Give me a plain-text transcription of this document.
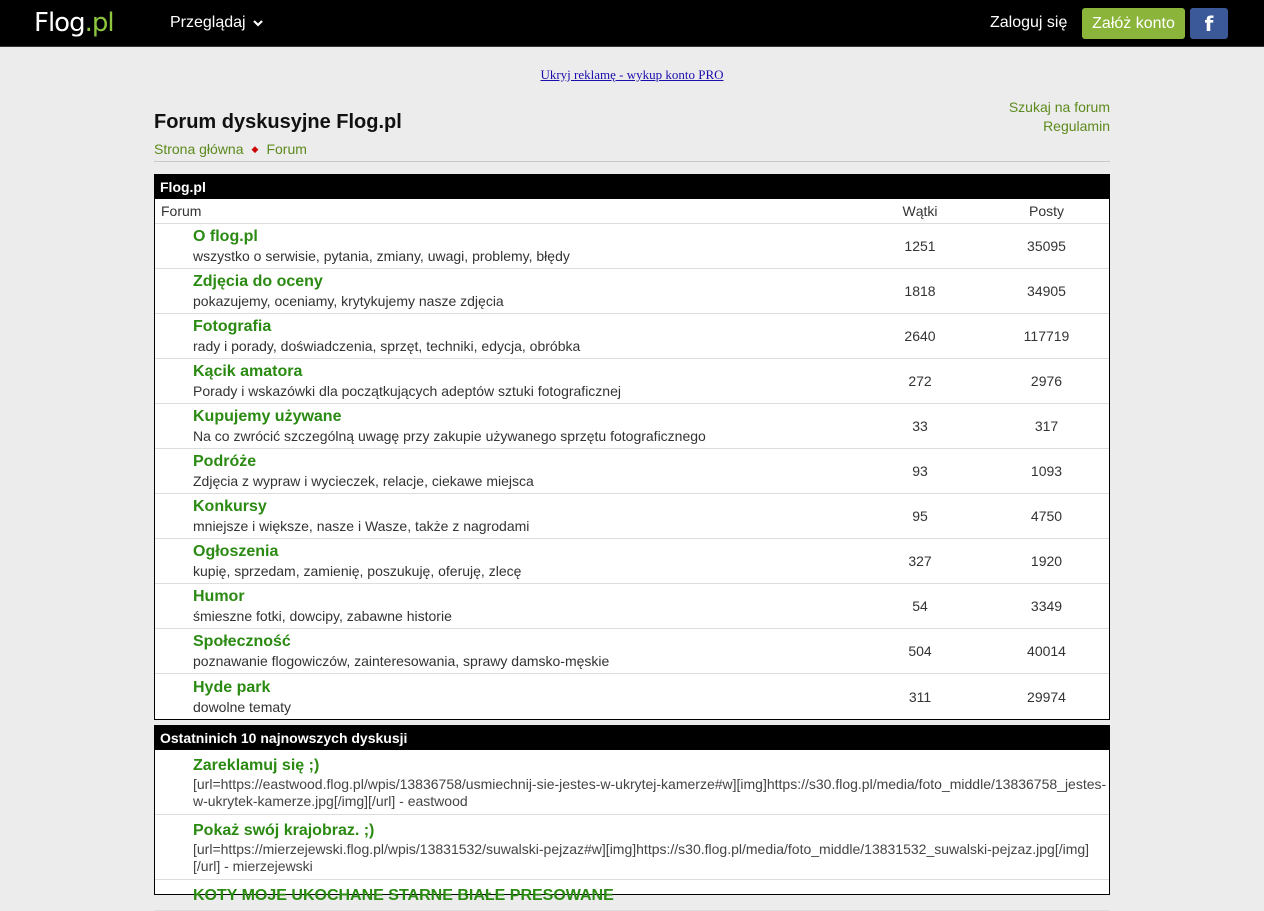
Flog.pl	Przeglądaj	Zaloguj się	Załóż konto	f
Ukryj reklamę - wykup konto PRO
Szukaj na forum
Regulamin
Forum dyskusyjne Flog.pl
Strona główna ◆ Forum
Flog.pl
Forum	Wątki	Posty
O flog.pl
wszystko o serwisie, pytania, zmiany, uwagi, problemy, błędy
1251	35095
Zdjęcia do oceny
pokazujemy, oceniamy, krytykujemy nasze zdjęcia
1818	34905
Fotografia
rady i porady, doświadczenia, sprzęt, techniki, edycja, obróbka
2640	117719
Kącik amatora
Porady i wskazówki dla początkujących adeptów sztuki fotograficznej
272	2976
Kupujemy używane
Na co zwrócić szczególną uwagę przy zakupie używanego sprzętu fotograficznego
33	317
Podróże
Zdjęcia z wypraw i wycieczek, relacje, ciekawe miejsca
93	1093
Konkursy
mniejsze i większe, nasze i Wasze, także z nagrodami
95	4750
Ogłoszenia
kupię, sprzedam, zamienię, poszukuję, oferuję, zlecę
327	1920
Humor
śmieszne fotki, dowcipy, zabawne historie
54	3349
Społeczność
poznawanie flogowiczów, zainteresowania, sprawy damsko-męskie
504	40014
Hyde park
dowolne tematy
311	29974
Ostatninich 10 najnowszych dyskusji
Zareklamuj się ;)
[url=https://eastwood.flog.pl/wpis/13836758/usmiechnij-sie-jestes-w-ukrytej-kamerze#w][img]https://s30.flog.pl/media/foto_middle/13836758_jestes-w-ukrytek-kamerze.jpg[/img][/url] - eastwood
Pokaż swój krajobraz. ;)
[url=https://mierzejewski.flog.pl/wpis/13831532/suwalski-pejzaz#w][img]https://s30.flog.pl/media/foto_middle/13831532_suwalski-pejzaz.jpg[/img][/url] - mierzejewski
KOTY MOJE UKOCHANE STARNE BIAŁE PRESOWANE
